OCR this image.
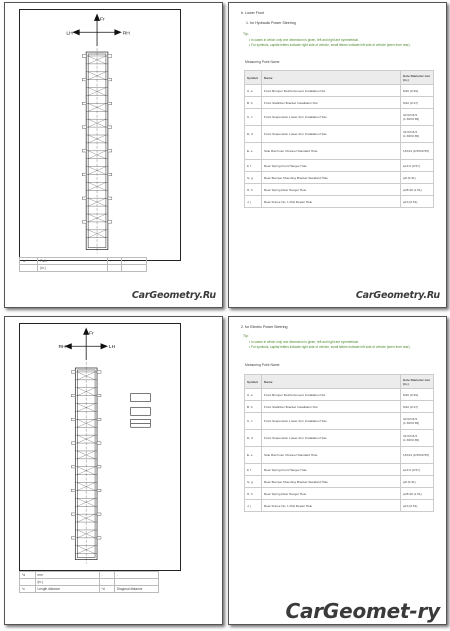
Fr
LH	RH
*a	Path	-	-
	(in.)		
CarGeometry.Ru
b. Lower Front
1. for Hydraulic Power Steering
Tip:
• In cases in which only one dimension is given, left and right are symmetrical.
• For symbols, capital letters indicate right side of vehicle, small letters indicate left side of vehicle (seen from rear).
Measuring Point Name
Symbol	Name	Hole Diameter mm (in.)
A, a	Front Bumper Reinforcement Installation Nut	M10 (0.39)
B, b	Front Stabilizer Bracket Installation Nut	M12 (0.47)
C, c	Front Suspension Lower Arm Installation Hole	34.5X16.5 (1.36X0.65)
D, d	Front Suspension Lower Arm Installation Hole	34.5X16.5 (1.36X0.65)
E, e	Side Rail Inner Channel Standard Hole	15X14 (0.59X0.55)
F, f	Rear Spring Front Hanger Hole	φ14.6 (0.57)
G, g	Rear Bumper Mounting Bracket Standard Hole	φ8 (0.31)
H, h	Rear Spring Rear Hanger Hole	φ38.30 (1.51)
J, j	Rear Frame No. 1 Roll Repair Hole	φ13 (0.51)
CarGeometry.Ru
Fr
RH	LH
*a	mm	-	-
	(in.)		
*c	Length distance	*d	Diagonal distance
2. for Electric Power Steering
Tip:
• In cases in which only one dimension is given, left and right are symmetrical.
• For symbols, capital letters indicate right side of vehicle, small letters indicate left side of vehicle (seen from rear).
Measuring Point Name
Symbol	Name	Hole Diameter mm (in.)
A, a	Front Bumper Reinforcement Installation Nut	M10 (0.39)
B, b	Front Stabilizer Bracket Installation Nut	M12 (0.47)
C, c	Front Suspension Lower Arm Installation Hole	34.5X16.5 (1.36X0.65)
D, d	Front Suspension Lower Arm Installation Hole	34.5X16.5 (1.36X0.65)
E, e	Side Rail Inner Channel Standard Hole	15X14 (0.59X0.55)
F, f	Rear Spring Front Hanger Hole	φ14.6 (0.57)
G, g	Rear Bumper Mounting Bracket Standard Hole	φ8 (0.31)
H, h	Rear Spring Rear Hanger Hole	φ38.30 (1.51)
J, j	Rear Frame No. 1 Roll Repair Hole	φ13 (0.51)
CarGeomet-ry
